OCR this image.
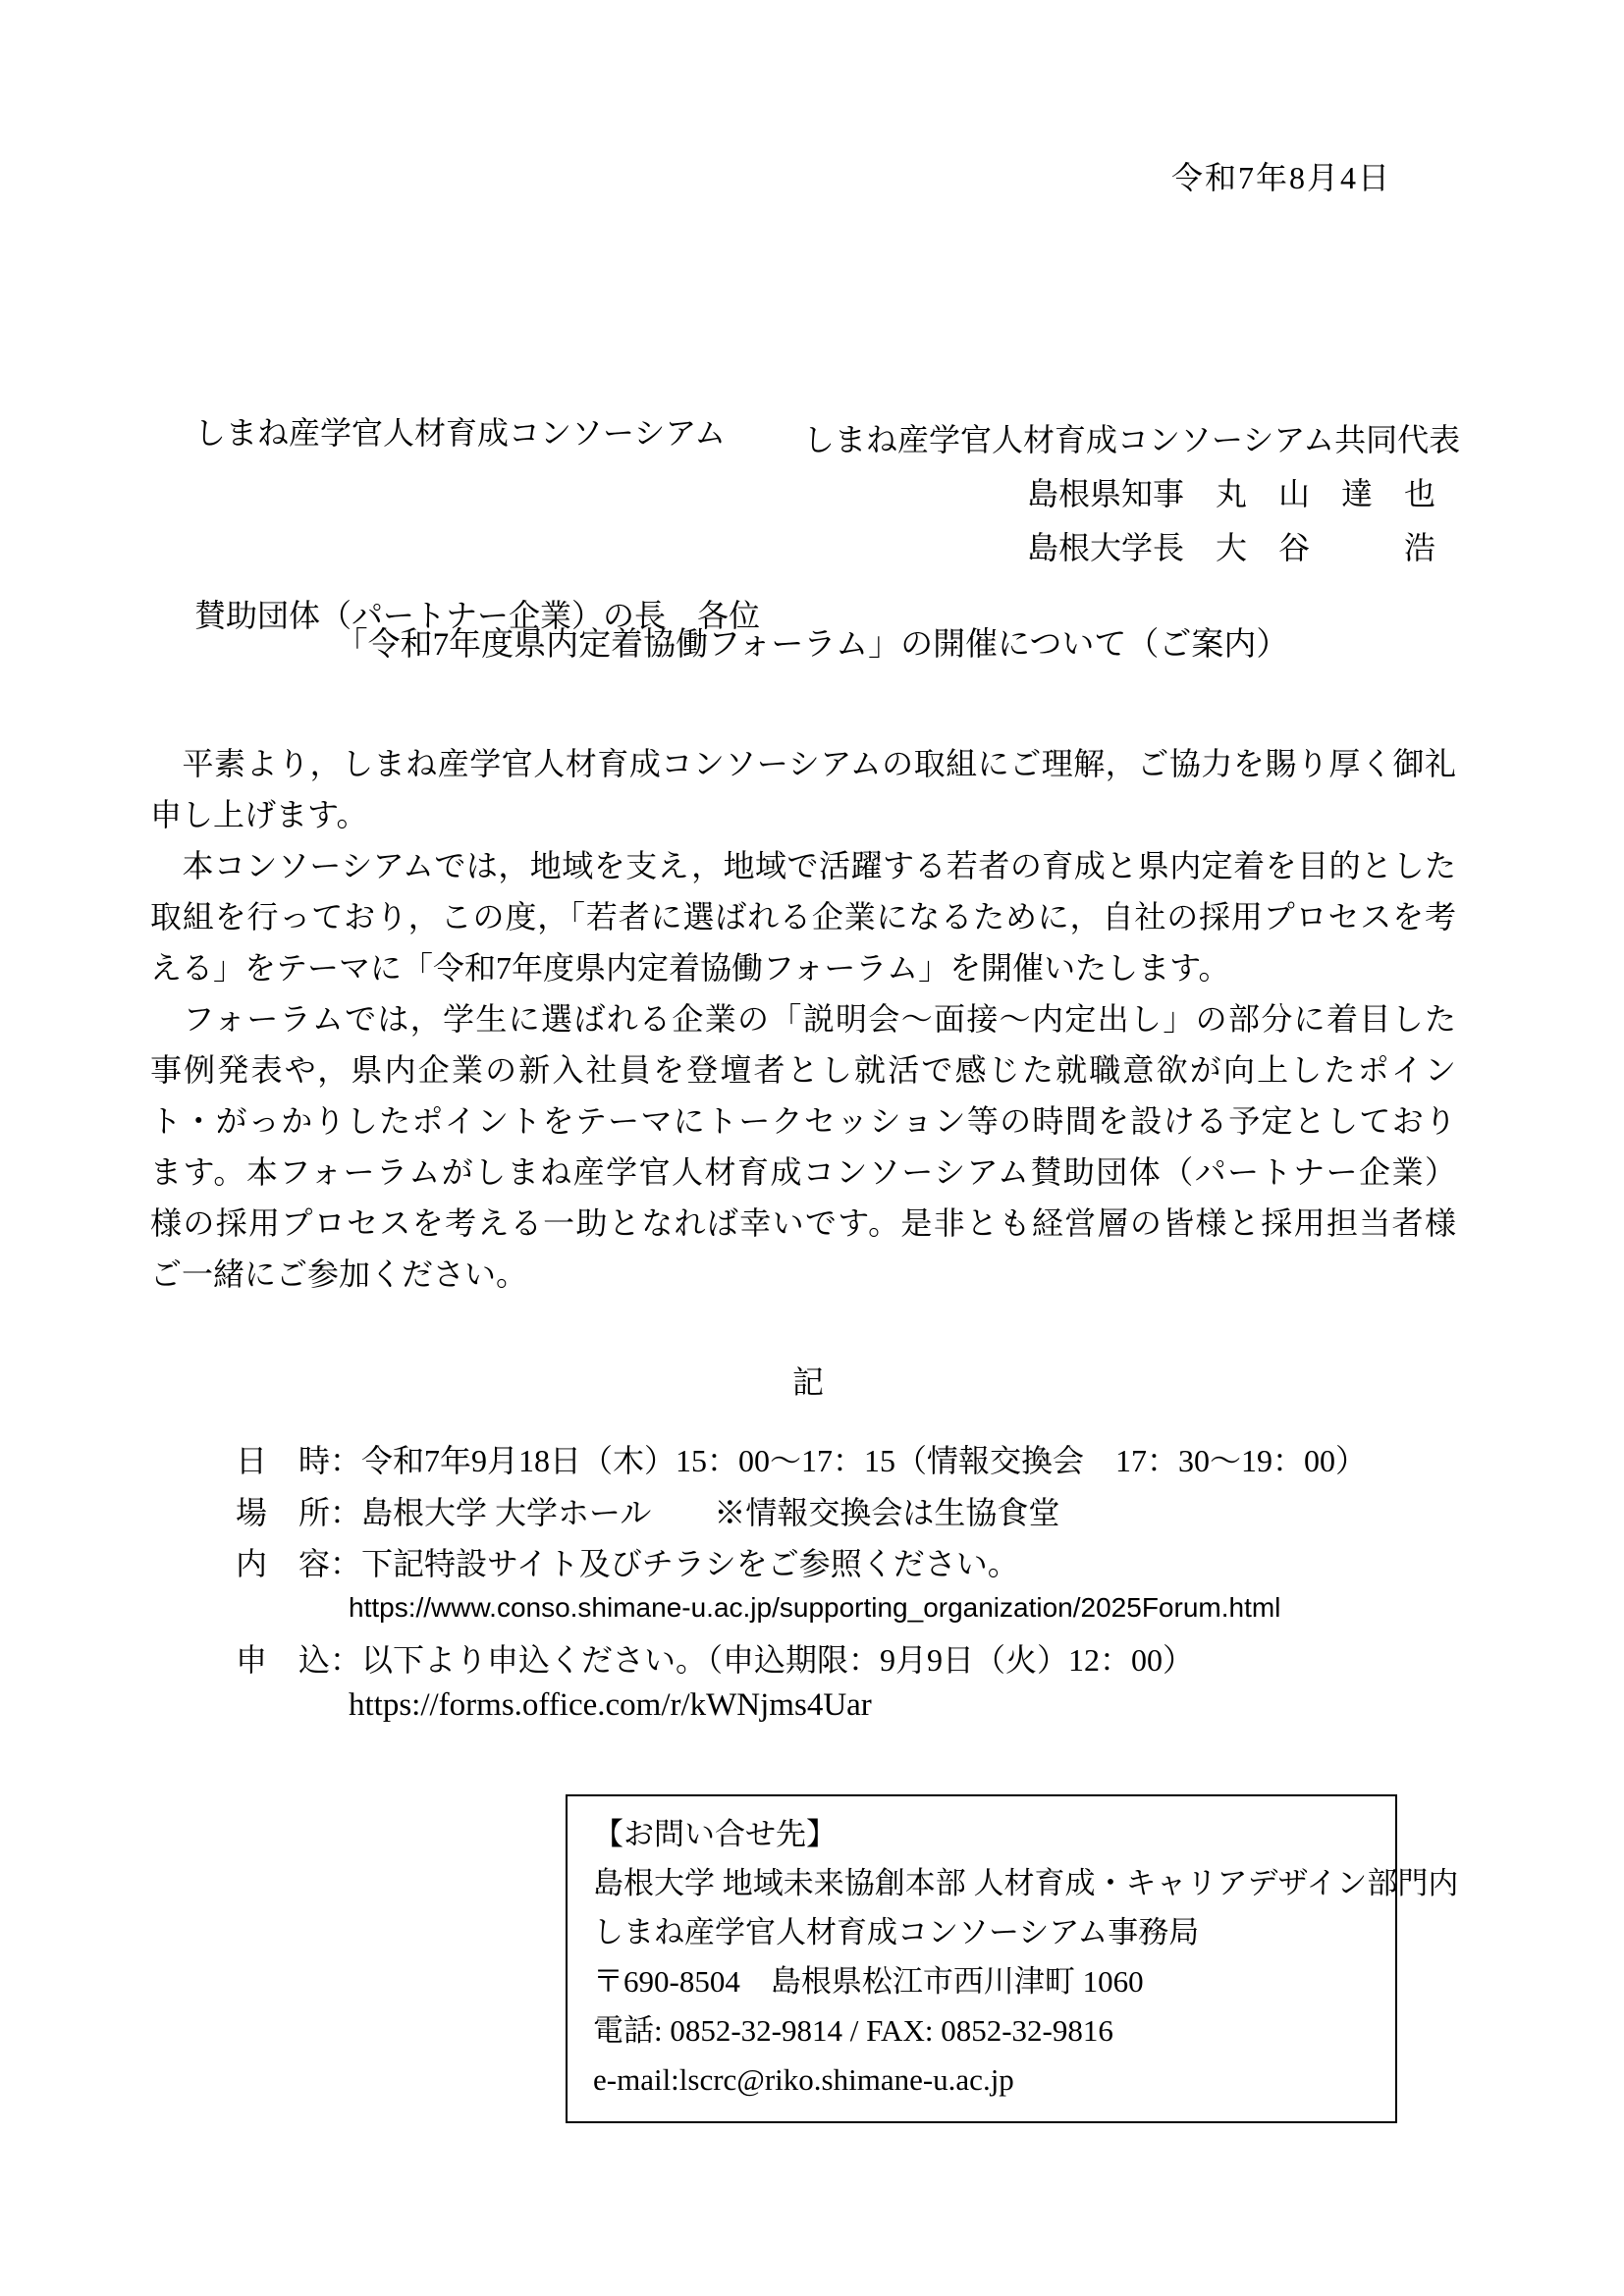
令和7年8月4日

しまね産学官人材育成コンソーシアム

賛助団体（パートナー企業）の長　各位

しまね産学官人材育成コンソーシアム共同代表
島根県知事　丸　山　達　也
島根大学長　大　谷　　　浩
「令和7年度県内定着協働フォーラム」の開催について（ご案内）
　平素より，しまね産学官人材育成コンソーシアムの取組にご理解，ご協力を賜り厚く御礼
申し上げます。
　本コンソーシアムでは，地域を支え，地域で活躍する若者の育成と県内定着を目的とした
取組を行っており，この度，「若者に選ばれる企業になるために，自社の採用プロセスを考
える」をテーマに「令和7年度県内定着協働フォーラム」を開催いたします。
　フォーラムでは，学生に選ばれる企業の「説明会～面接～内定出し」の部分に着目した
事例発表や，県内企業の新入社員を登壇者とし就活で感じた就職意欲が向上したポイン
ト・がっかりしたポイントをテーマにトークセッション等の時間を設ける予定としており
ます。本フォーラムがしまね産学官人材育成コンソーシアム賛助団体（パートナー企業）
様の採用プロセスを考える一助となれば幸いです。是非とも経営層の皆様と採用担当者様
ご一緒にご参加ください。
記
日　時：令和7年9月18日（木）15：00～17：15（情報交換会　17：30～19：00）
場　所：島根大学 大学ホール　　※情報交換会は生協食堂
内　容：下記特設サイト及びチラシをご参照ください。
https://www.conso.shimane-u.ac.jp/supporting_organization/2025Forum.html
申　込：以下より申込ください。（申込期限：9月9日（火）12：00）
https://forms.office.com/r/kWNjms4Uar
【お問い合せ先】
島根大学 地域未来協創本部 人材育成・キャリアデザイン部門内
しまね産学官人材育成コンソーシアム事務局
〒690-8504　島根県松江市西川津町 1060
電話: 0852-32-9814 / FAX: 0852-32-9816
e-mail:lscrc@riko.shimane-u.ac.jp
